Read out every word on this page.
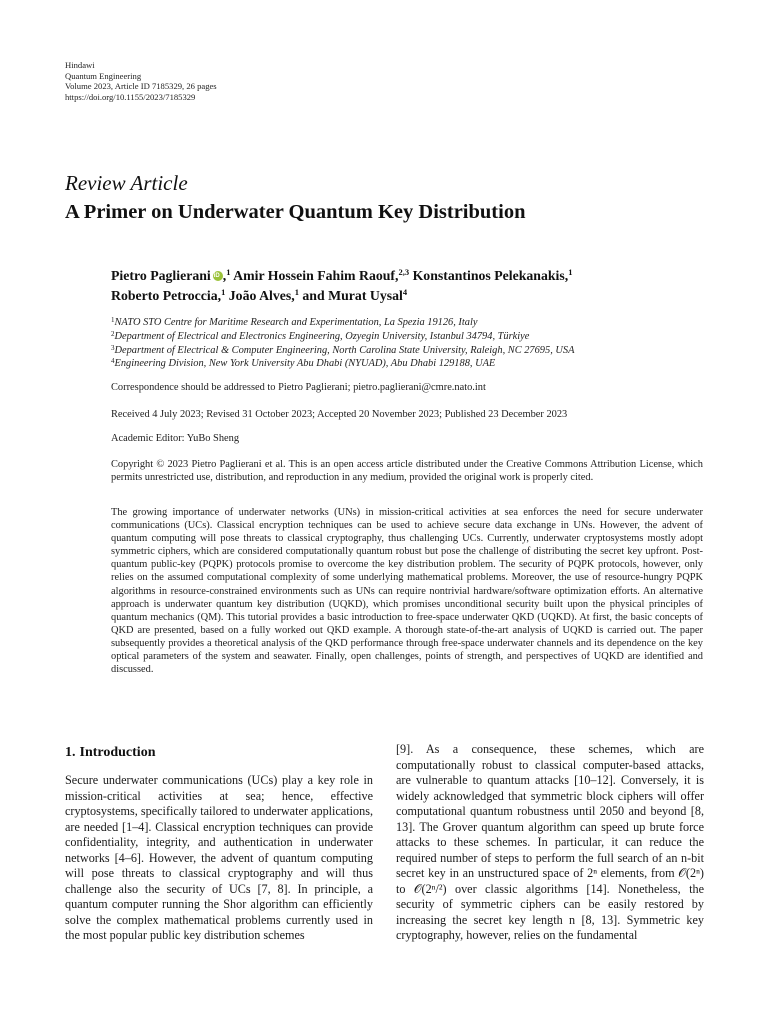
Hindawi
Quantum Engineering
Volume 2023, Article ID 7185329, 26 pages
https://doi.org/10.1155/2023/7185329
Review Article
A Primer on Underwater Quantum Key Distribution
Pietro PaglieraniiD ,$^1$ Amir Hossein Fahim Raouf,$^{2,3}$ Konstantinos Pelekanakis,$^1$
Roberto Petroccia,$^1$ João Alves,$^1$ and Murat Uysal$^4$
$^1$NATO STO Centre for Maritime Research and Experimentation, La Spezia 19126, Italy
$^2$Department of Electrical and Electronics Engineering, Ozyegin University, Istanbul 34794, Türkiye
$^3$Department of Electrical & Computer Engineering, North Carolina State University, Raleigh, NC 27695, USA
$^4$Engineering Division, New York University Abu Dhabi (NYUAD), Abu Dhabi 129188, UAE
Correspondence should be addressed to Pietro Paglierani; pietro.paglierani@cmre.nato.int
Received 4 July 2023; Revised 31 October 2023; Accepted 20 November 2023; Published 23 December 2023
Academic Editor: YuBo Sheng
Copyright © 2023 Pietro Paglierani et al. This is an open access article distributed under the Creative Commons Attribution License, which permits unrestricted use, distribution, and reproduction in any medium, provided the original work is properly cited.
The growing importance of underwater networks (UNs) in mission-critical activities at sea enforces the need for secure underwater communications (UCs). Classical encryption techniques can be used to achieve secure data exchange in UNs. However, the advent of quantum computing will pose threats to classical cryptography, thus challenging UCs. Currently, underwater cryptosystems mostly adopt symmetric ciphers, which are considered computationally quantum robust but pose the challenge of distributing the secret key upfront. Post-quantum public-key (PQPK) protocols promise to overcome the key distribution problem. The security of PQPK protocols, however, only relies on the assumed computational complexity of some underlying mathematical problems. Moreover, the use of resource-hungry PQPK algorithms in resource-constrained environments such as UNs can require nontrivial hardware/software optimization efforts. An alternative approach is underwater quantum key distribution (UQKD), which promises unconditional security built upon the physical principles of quantum mechanics (QM). This tutorial provides a basic introduction to free-space underwater QKD (UQKD). At first, the basic concepts of QKD are presented, based on a fully worked out QKD example. A thorough state-of-the-art analysis of UQKD is carried out. The paper subsequently provides a theoretical analysis of the QKD performance through free-space underwater channels and its dependence on the key optical parameters of the system and seawater. Finally, open challenges, points of strength, and perspectives of UQKD are identified and discussed.
1. Introduction
Secure underwater communications (UCs) play a key role in mission-critical activities at sea; hence, effective cryptosystems, specifically tailored to underwater applications, are needed [1–4]. Classical encryption techniques can provide confidentiality, integrity, and authentication in underwater networks [4–6]. However, the advent of quantum computing will pose threats to classical cryptography and will thus challenge also the security of UCs [7, 8]. In principle, a quantum computer running the Shor algorithm can efficiently solve the complex mathematical problems currently used in the most popular public key distribution schemes
[9]. As a consequence, these schemes, which are computationally robust to classical computer-based attacks, are vulnerable to quantum attacks [10–12]. Conversely, it is widely acknowledged that symmetric block ciphers will offer computational quantum robustness until 2050 and beyond [8, 13]. The Grover quantum algorithm can speed up brute force attacks to these schemes. In particular, it can reduce the required number of steps to perform the full search of an n-bit secret key in an unstructured space of 2ⁿ elements, from 𝒪(2ⁿ) to 𝒪(2ⁿ/²) over classic algorithms [14]. Nonetheless, the security of symmetric ciphers can be easily restored by increasing the secret key length n [8, 13]. Symmetric key cryptography, however, relies on the fundamental
